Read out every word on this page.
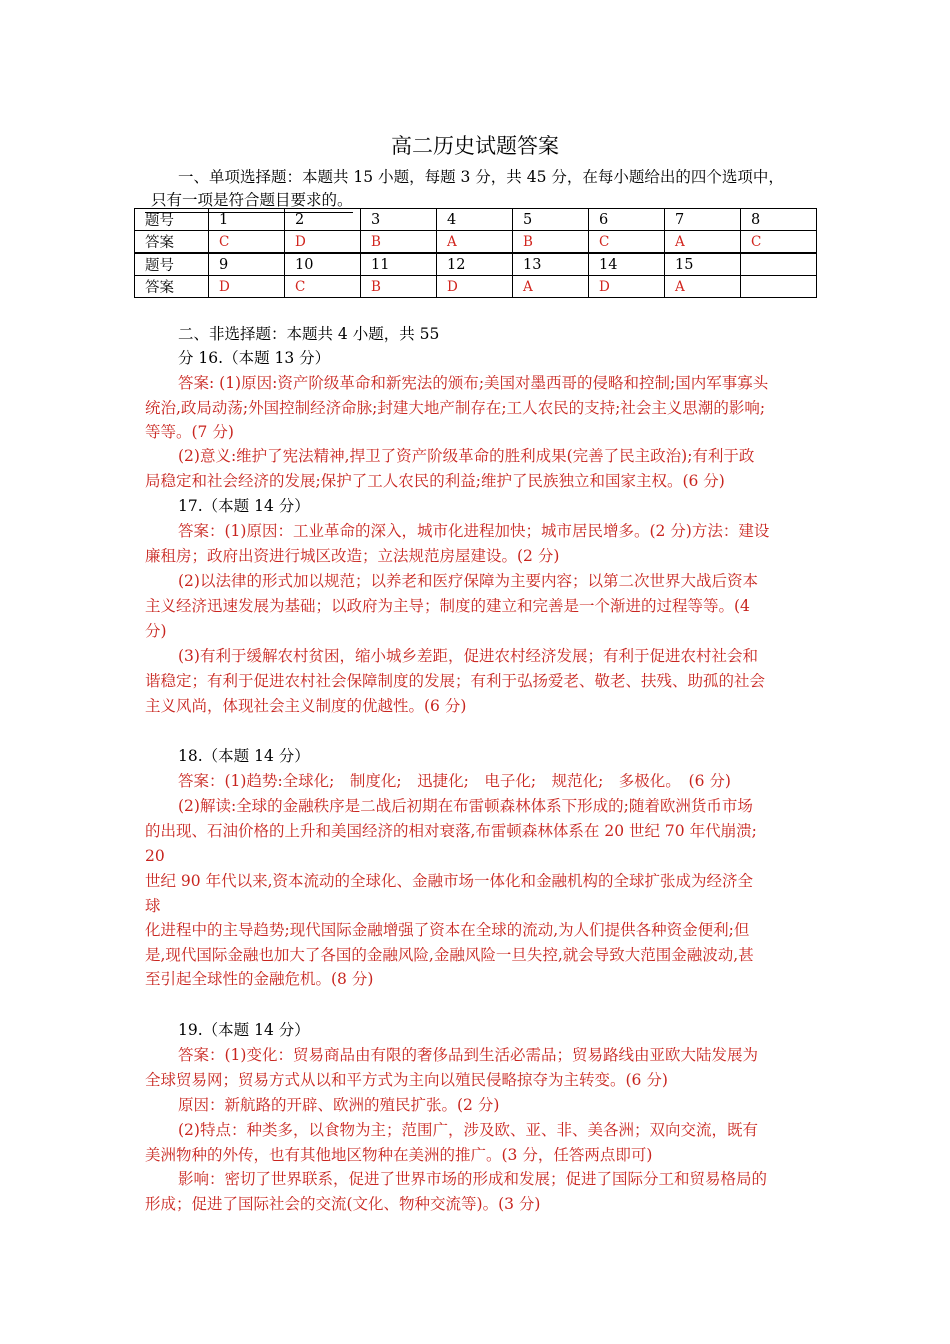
高二历史试题答案
一、单项选择题：本题共 15 小题，每题 3 分，共 45 分，在每小题给出的四个选项中，
只有一项是符合题目要求的。
题号	1	2	3	4	5	6	7	8
答案	C	D	B	A	B	C	A	C
题号	9	10	11	12	13	14	15	
答案	D	C	B	D	A	D	A	
二、非选择题：本题共 4 小题，共 55
分 16.（本题 13 分）
答案: (1)原因:资产阶级革命和新宪法的颁布;美国对墨西哥的侵略和控制;国内军事寡头
统治,政局动荡;外国控制经济命脉;封建大地产制存在;工人农民的支持;社会主义思潮的影响;
等等。(7 分)
(2)意义:维护了宪法精神,捍卫了资产阶级革命的胜利成果(完善了民主政治);有利于政
局稳定和社会经济的发展;保护了工人农民的利益;维护了民族独立和国家主权。(6 分)
17.（本题 14 分）
答案：(1)原因：工业革命的深入，城市化进程加快；城市居民增多。(2 分)方法：建设
廉租房；政府出资进行城区改造；立法规范房屋建设。(2 分)
(2)以法律的形式加以规范；以养老和医疗保障为主要内容；以第二次世界大战后资本
主义经济迅速发展为基础；以政府为主导；制度的建立和完善是一个渐进的过程等等。(4
分)
(3)有利于缓解农村贫困，缩小城乡差距，促进农村经济发展；有利于促进农村社会和
谐稳定；有利于促进农村社会保障制度的发展；有利于弘扬爱老、敬老、扶残、助孤的社会
主义风尚，体现社会主义制度的优越性。(6 分)
18.（本题 14 分）
答案：(1)趋势:全球化;　制度化;　迅捷化;　电子化;　规范化;　多极化。　(6 分)
(2)解读:全球的金融秩序是二战后初期在布雷顿森林体系下形成的;随着欧洲货币市场
的出现、石油价格的上升和美国经济的相对衰落,布雷顿森林体系在 20 世纪 70 年代崩溃;
20
世纪 90 年代以来,资本流动的全球化、金融市场一体化和金融机构的全球扩张成为经济全
球
化进程中的主导趋势;现代国际金融增强了资本在全球的流动,为人们提供各种资金便利;但
是,现代国际金融也加大了各国的金融风险,金融风险一旦失控,就会导致大范围金融波动,甚
至引起全球性的金融危机。(8 分)
19.（本题 14 分）
答案：(1)变化：贸易商品由有限的奢侈品到生活必需品；贸易路线由亚欧大陆发展为
全球贸易网；贸易方式从以和平方式为主向以殖民侵略掠夺为主转变。(6 分)
原因：新航路的开辟、欧洲的殖民扩张。(2 分)
(2)特点：种类多，以食物为主；范围广，涉及欧、亚、非、美各洲；双向交流，既有
美洲物种的外传，也有其他地区物种在美洲的推广。(3 分，任答两点即可)
影响：密切了世界联系，促进了世界市场的形成和发展；促进了国际分工和贸易格局的
形成；促进了国际社会的交流(文化、物种交流等)。(3 分)
